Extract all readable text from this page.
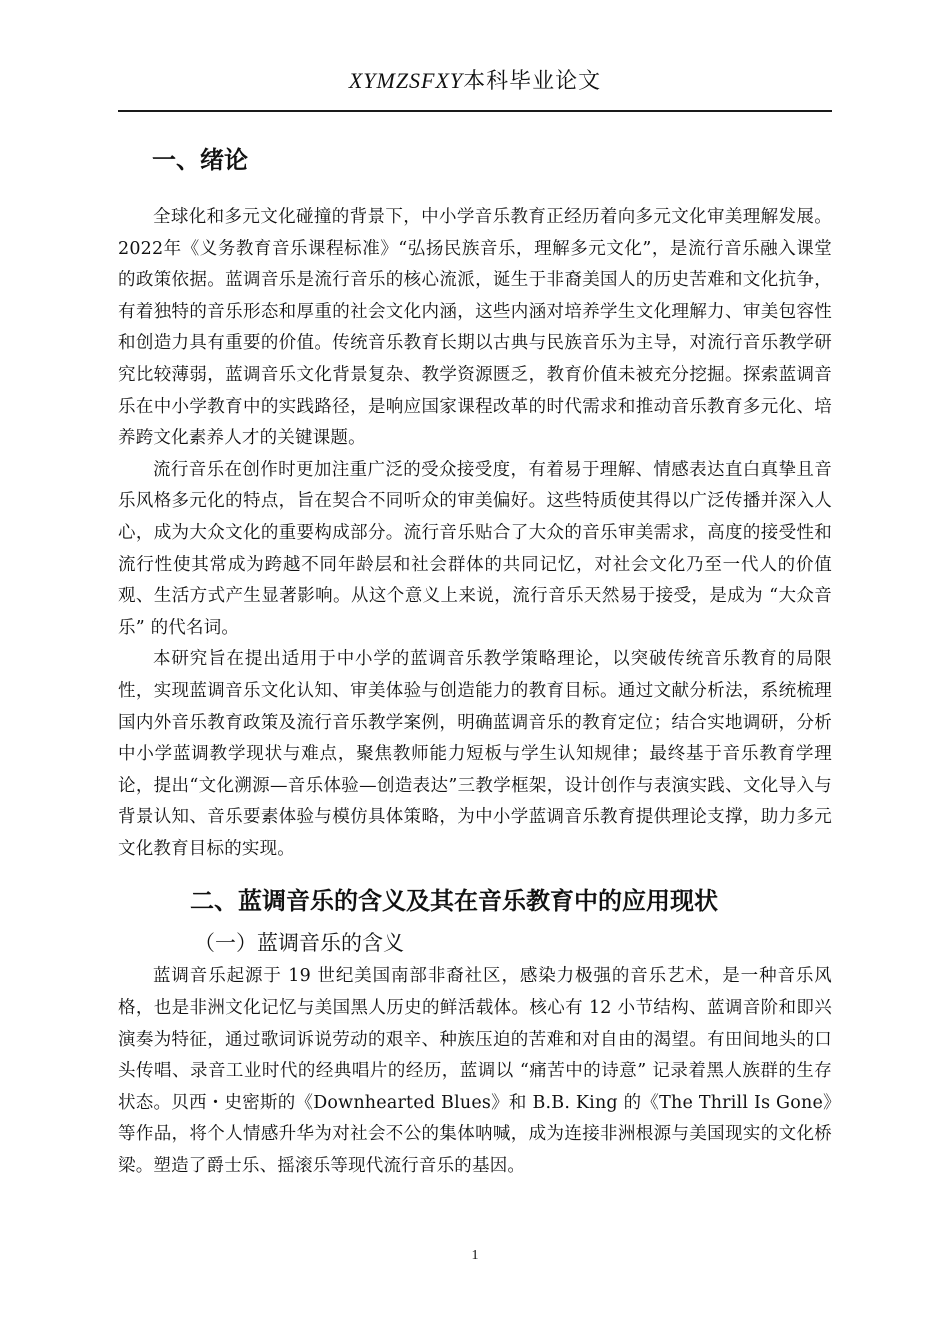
XYMZSFXY本科毕业论文
一、绪论

全球化和多元文化碰撞的背景下，中小学音乐教育正经历着向多元文化审美理解发展。2022年《义务教育音乐课程标准》“弘扬民族音乐，理解多元文化”，是流行音乐融入课堂的政策依据。蓝调音乐是流行音乐的核心流派，诞生于非裔美国人的历史苦难和文化抗争，有着独特的音乐形态和厚重的社会文化内涵，这些内涵对培养学生文化理解力、审美包容性和创造力具有重要的价值。传统音乐教育长期以古典与民族音乐为主导，对流行音乐教学研究比较薄弱，蓝调音乐文化背景复杂、教学资源匮乏，教育价值未被充分挖掘。探索蓝调音乐在中小学教育中的实践路径，是响应国家课程改革的时代需求和推动音乐教育多元化、培养跨文化素养人才的关键课题。

流行音乐在创作时更加注重广泛的受众接受度，有着易于理解、情感表达直白真挚且音乐风格多元化的特点，旨在契合不同听众的审美偏好。这些特质使其得以广泛传播并深入人心，成为大众文化的重要构成部分。流行音乐贴合了大众的音乐审美需求，高度的接受性和流行性使其常成为跨越不同年龄层和社会群体的共同记忆，对社会文化乃至一代人的价值观、生活方式产生显著影响。从这个意义上来说，流行音乐天然易于接受，是成为 “大众音乐” 的代名词。

本研究旨在提出适用于中小学的蓝调音乐教学策略理论，以突破传统音乐教育的局限性，实现蓝调音乐文化认知、审美体验与创造能力的教育目标。通过文献分析法，系统梳理国内外音乐教育政策及流行音乐教学案例，明确蓝调音乐的教育定位；结合实地调研，分析中小学蓝调教学现状与难点，聚焦教师能力短板与学生认知规律；最终基于音乐教育学理论，提出“文化溯源—音乐体验—创造表达”三教学框架，设计创作与表演实践、文化导入与背景认知、音乐要素体验与模仿具体策略，为中小学蓝调音乐教育提供理论支撑，助力多元文化教育目标的实现。

二、蓝调音乐的含义及其在音乐教育中的应用现状
（一）蓝调音乐的含义

蓝调音乐起源于 19 世纪美国南部非裔社区，感染力极强的音乐艺术，是一种音乐风格，也是非洲文化记忆与美国黑人历史的鲜活载体。核心有 12 小节结构、蓝调音阶和即兴演奏为特征，通过歌词诉说劳动的艰辛、种族压迫的苦难和对自由的渴望。有田间地头的口头传唱、录音工业时代的经典唱片的经历，蓝调以 “痛苦中的诗意” 记录着黑人族群的生存状态。贝西・史密斯的《Downhearted Blues》和 B.B. King 的《The Thrill Is Gone》等作品，将个人情感升华为对社会不公的集体呐喊，成为连接非洲根源与美国现实的文化桥梁。塑造了爵士乐、摇滚乐等现代流行音乐的基因。

1
